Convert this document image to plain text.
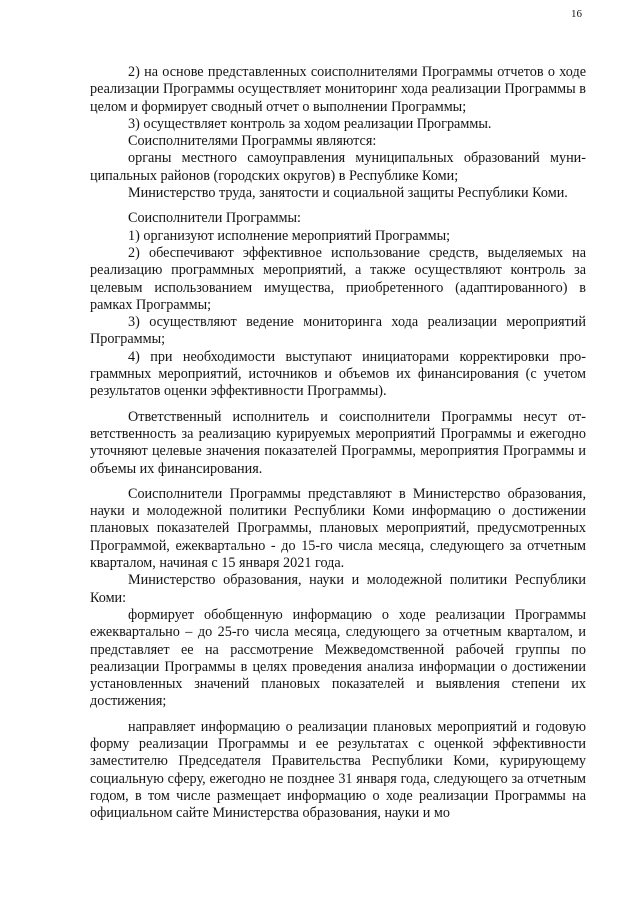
16

2) на основе представленных соисполнителями Программы отчетов о ходе реализации Программы осуществляет мониторинг хода реализации Программы в целом и формирует сводный отчет о выполнении Программы;

3) осуществляет контроль за ходом реализации Программы.

Соисполнителями Программы являются:

органы местного самоуправления муниципальных образований муниципальных районов (городских округов) в Республике Коми;

Министерство труда, занятости и социальной защиты Республики Коми.

Соисполнители Программы:

1) организуют исполнение мероприятий Программы;

2) обеспечивают эффективное использование средств, выделяемых на реализацию программных мероприятий, а также осуществляют контроль за целевым использованием имущества, приобретенного (адаптированного) в рамках Программы;

3) осуществляют ведение мониторинга хода реализации мероприятий Программы;

4) при необходимости выступают инициаторами корректировки программных мероприятий, источников и объемов их финансирования (с учетом результатов оценки эффективности Программы).

Ответственный исполнитель и соисполнители Программы несут ответственность за реализацию курируемых мероприятий Программы и ежегодно уточняют целевые значения показателей Программы, мероприятия Программы и объемы их финансирования.

Соисполнители Программы представляют в Министерство образования, науки и молодежной политики Республики Коми информацию о достижении плановых показателей Программы, плановых мероприятий, предусмотренных Программой, ежеквартально - до 15-го числа месяца, следующего за отчетным кварталом, начиная с 15 января 2021 года.

Министерство образования, науки и молодежной политики Республики Коми:

формирует обобщенную информацию о ходе реализации Программы ежеквартально – до 25-го числа месяца, следующего за отчетным кварталом, и представляет ее на рассмотрение Межведомственной рабочей группы по реализации Программы в целях проведения анализа информации о достижении установленных значений плановых показателей и выявления степени их достижения;

направляет информацию о реализации плановых мероприятий и годовую форму реализации Программы и ее результатах с оценкой эффективности заместителю Председателя Правительства Республики Коми, курирующему социальную сферу, ежегодно не позднее 31 января года, следующего за отчетным годом, в том числе размещает информацию о ходе реализации Программы на официальном сайте Министерства образования, науки и мо
